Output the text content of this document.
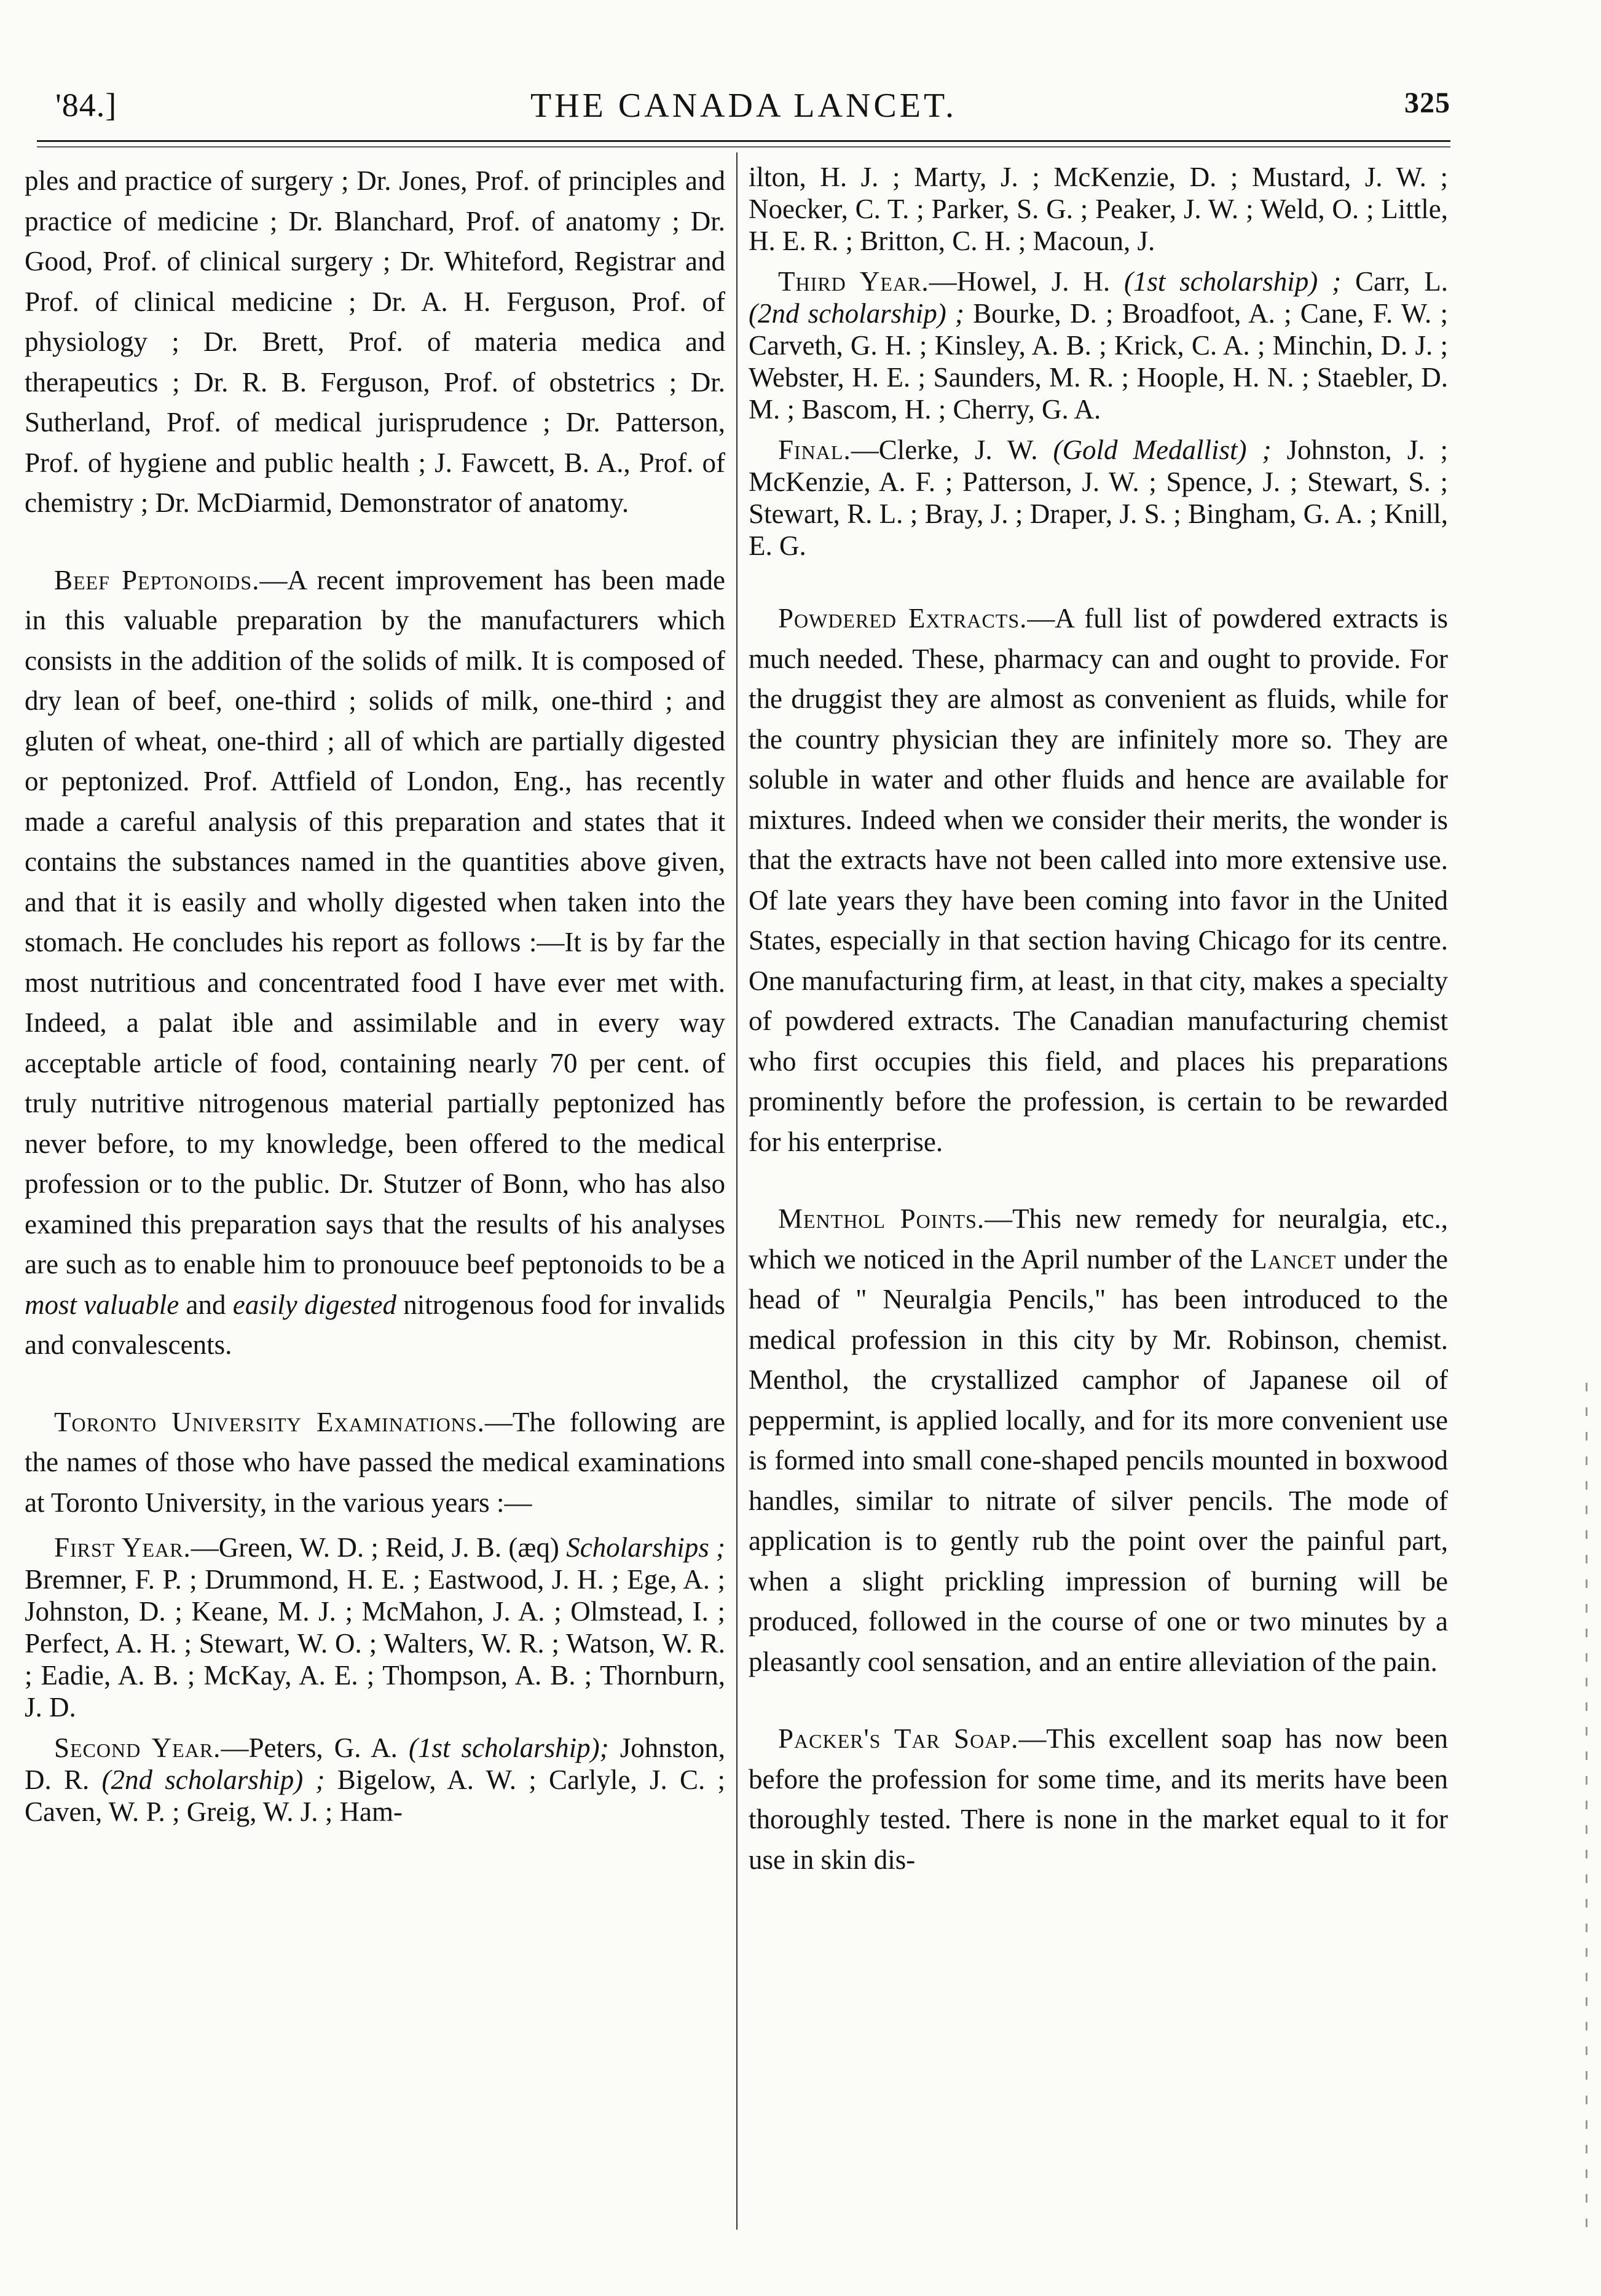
'84.]	THE CANADA LANCET.	325

ples and practice of surgery ; Dr. Jones, Prof. of principles and practice of medicine ; Dr. Blanchard, Prof. of anatomy ; Dr. Good, Prof. of clinical surgery ; Dr. Whiteford, Registrar and Prof. of clinical medicine ; Dr. A. H. Ferguson, Prof. of physiology ; Dr. Brett, Prof. of materia medica and therapeutics ; Dr. R. B. Ferguson, Prof. of obstetrics ; Dr. Sutherland, Prof. of medical jurisprudence ; Dr. Patterson, Prof. of hygiene and public health ; J. Fawcett, B. A., Prof. of chemistry ; Dr. McDiarmid, Demonstrator of anatomy.

Beef Peptonoids.—A recent improvement has been made in this valuable preparation by the manufacturers which consists in the addition of the solids of milk. It is composed of dry lean of beef, one-third ; solids of milk, one-third ; and gluten of wheat, one-third ; all of which are partially digested or peptonized. Prof. Attfield of London, Eng., has recently made a careful analysis of this preparation and states that it contains the substances named in the quantities above given, and that it is easily and wholly digested when taken into the stomach. He concludes his report as follows :—It is by far the most nutritious and concentrated food I have ever met with. Indeed, a palat ible and assimilable and in every way acceptable article of food, containing nearly 70 per cent. of truly nutritive nitrogenous material partially peptonized has never before, to my knowledge, been offered to the medical profession or to the public. Dr. Stutzer of Bonn, who has also examined this preparation says that the results of his analyses are such as to enable him to pronouuce beef peptonoids to be a most valuable and easily digested nitrogenous food for invalids and convalescents.

Toronto University Examinations.—The following are the names of those who have passed the medical examinations at Toronto University, in the various years :—

First Year.—Green, W. D. ; Reid, J. B. (æq) Scholarships ; Bremner, F. P. ; Drummond, H. E. ; Eastwood, J. H. ; Ege, A. ; Johnston, D. ; Keane, M. J. ; McMahon, J. A. ; Olmstead, I. ; Perfect, A. H. ; Stewart, W. O. ; Walters, W. R. ; Watson, W. R. ; Eadie, A. B. ; McKay, A. E. ; Thompson, A. B. ; Thornburn, J. D.

Second Year.—Peters, G. A. (1st scholarship); Johnston, D. R. (2nd scholarship) ; Bigelow, A. W. ; Carlyle, J. C. ; Caven, W. P. ; Greig, W. J. ; Ham-

ilton, H. J. ; Marty, J. ; McKenzie, D. ; Mustard, J. W. ; Noecker, C. T. ; Parker, S. G. ; Peaker, J. W. ; Weld, O. ; Little, H. E. R. ; Britton, C. H. ; Macoun, J.

Third Year.—Howel, J. H. (1st scholarship) ; Carr, L. (2nd scholarship) ; Bourke, D. ; Broadfoot, A. ; Cane, F. W. ; Carveth, G. H. ; Kinsley, A. B. ; Krick, C. A. ; Minchin, D. J. ; Webster, H. E. ; Saunders, M. R. ; Hoople, H. N. ; Staebler, D. M. ; Bascom, H. ; Cherry, G. A.

Final.—Clerke, J. W. (Gold Medallist) ; Johnston, J. ; McKenzie, A. F. ; Patterson, J. W. ; Spence, J. ; Stewart, S. ; Stewart, R. L. ; Bray, J. ; Draper, J. S. ; Bingham, G. A. ; Knill, E. G.

Powdered Extracts.—A full list of powdered extracts is much needed. These, pharmacy can and ought to provide. For the druggist they are almost as convenient as fluids, while for the country physician they are infinitely more so. They are soluble in water and other fluids and hence are available for mixtures. Indeed when we consider their merits, the wonder is that the extracts have not been called into more extensive use. Of late years they have been coming into favor in the United States, especially in that section having Chicago for its centre. One manufacturing firm, at least, in that city, makes a specialty of powdered extracts. The Canadian manufacturing chemist who first occupies this field, and places his preparations prominently before the profession, is certain to be rewarded for his enterprise.

Menthol Points.—This new remedy for neuralgia, etc., which we noticed in the April number of the Lancet under the head of " Neuralgia Pencils," has been introduced to the medical profession in this city by Mr. Robinson, chemist. Menthol, the crystallized camphor of Japanese oil of peppermint, is applied locally, and for its more convenient use is formed into small cone-shaped pencils mounted in boxwood handles, similar to nitrate of silver pencils. The mode of application is to gently rub the point over the painful part, when a slight prickling impression of burning will be produced, followed in the course of one or two minutes by a pleasantly cool sensation, and an entire alleviation of the pain.

Packer's Tar Soap.—This excellent soap has now been before the profession for some time, and its merits have been thoroughly tested. There is none in the market equal to it for use in skin dis-
